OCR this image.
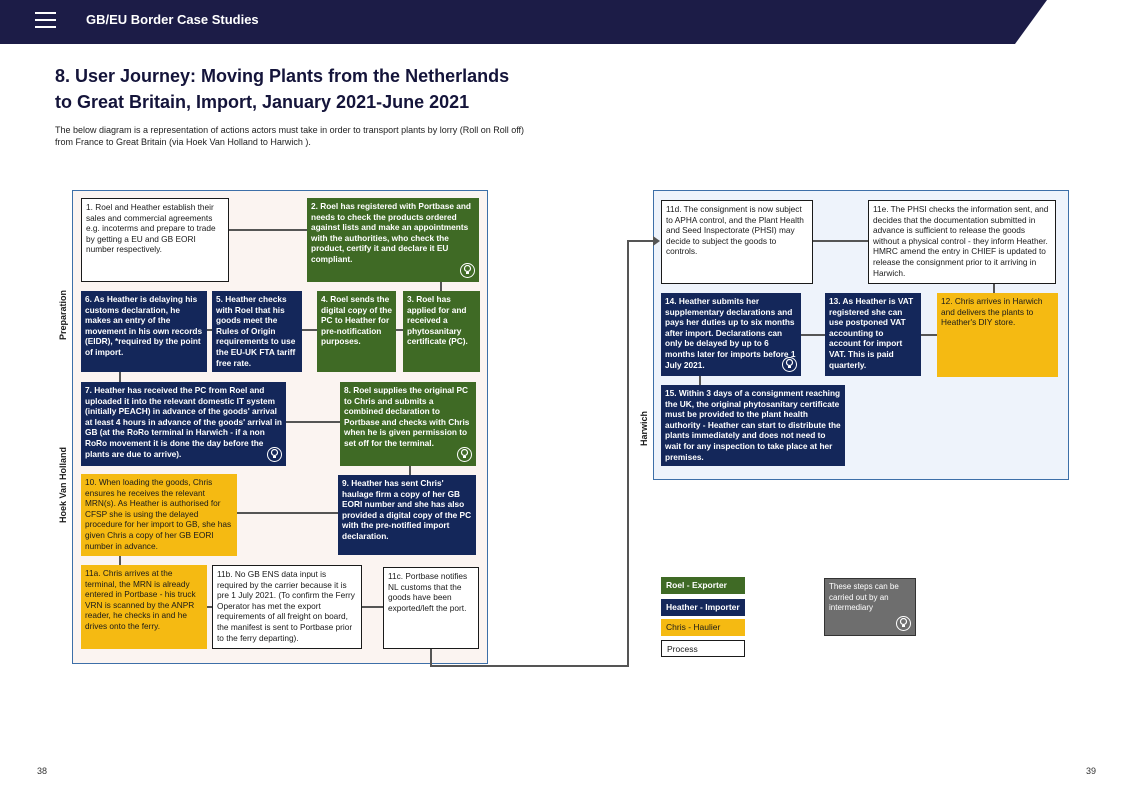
GB/EU Border Case Studies
8. User Journey: Moving Plants from the Netherlands
to Great Britain, Import, January 2021-June 2021
The below diagram is a representation of actions actors must take in order to transport plants by lorry (Roll on Roll off) from France to Great Britain (via Hoek Van Holland to Harwich ).
Preparation
Hoek Van Holland
Harwich
1. Roel and Heather establish their sales and commercial agreements e.g. incoterms and prepare to trade by getting a EU and GB EORI number respectively.
2. Roel has registered with Portbase and needs to check the products ordered against lists and make an appointments with the authorities, who check the product, certify it and declare it EU compliant.
6. As Heather is delaying his customs declaration, he makes an entry of the movement in his own records (EIDR), *required by the point of import.
5. Heather checks with Roel that his goods meet the Rules of Origin requirements to use the EU-UK FTA tariff free rate.
4. Roel sends the digital copy of the PC to Heather for pre-notification purposes.
3. Roel has applied for and received a phytosanitary certificate (PC).
7. Heather has received the PC from Roel and uploaded it into the relevant domestic IT system (initially PEACH) in advance of the goods' arrival at least 4 hours in advance of the goods' arrival in GB (at the RoRo terminal in Harwich - if a non RoRo movement it is done the day before the plants are due to arrive).
8. Roel supplies the original PC to Chris and submits a combined declaration to Portbase and checks with Chris when he is given permission to set off for the terminal.
10. When loading the goods, Chris ensures he receives the relevant MRN(s). As Heather is authorised for CFSP she is using the delayed procedure for her import to GB, she has given Chris a copy of her GB EORI number in advance.
9. Heather has sent Chris' haulage firm a copy of her GB EORI number and she has also provided a digital copy of the PC with the pre-notified import declaration.
11a. Chris arrives at the terminal, the MRN is already entered in Portbase - his truck VRN is scanned by the ANPR reader, he checks in and he drives onto the ferry.
11b. No GB ENS data input is required by the carrier because it is pre 1 July 2021. (To confirm the Ferry Operator has met the export requirements of all freight on board, the manifest is sent to Portbase prior to the ferry departing).
11c. Portbase notifies NL customs that the goods have been exported/left the port.
11d. The consignment is now subject to APHA control, and the Plant Health and Seed Inspectorate (PHSI) may decide to subject the goods to controls.
11e. The PHSI checks the information sent, and decides that the documentation submitted in advance is sufficient to release the goods without a physical control - they inform Heather. HMRC amend the entry in CHIEF is updated to release the consignment prior to it arriving in Harwich.
14. Heather submits her supplementary declarations and pays her duties up to six months after import. Declarations can only be delayed by up to 6 months later for imports before 1 July 2021.
13. As Heather is VAT registered she can use postponed VAT accounting to account for import VAT. This is paid quarterly.
12. Chris arrives in Harwich and delivers the plants to Heather's DIY store.
15. Within 3 days of a consignment reaching the UK, the original phytosanitary certificate must be provided to the plant health authority - Heather can start to distribute the plants immediately and does not need to wait for any inspection to take place at her premises.
Roel - Exporter
Heather - Importer
Chris - Haulier
Process
These steps can be carried out by an intermediary
38	39
